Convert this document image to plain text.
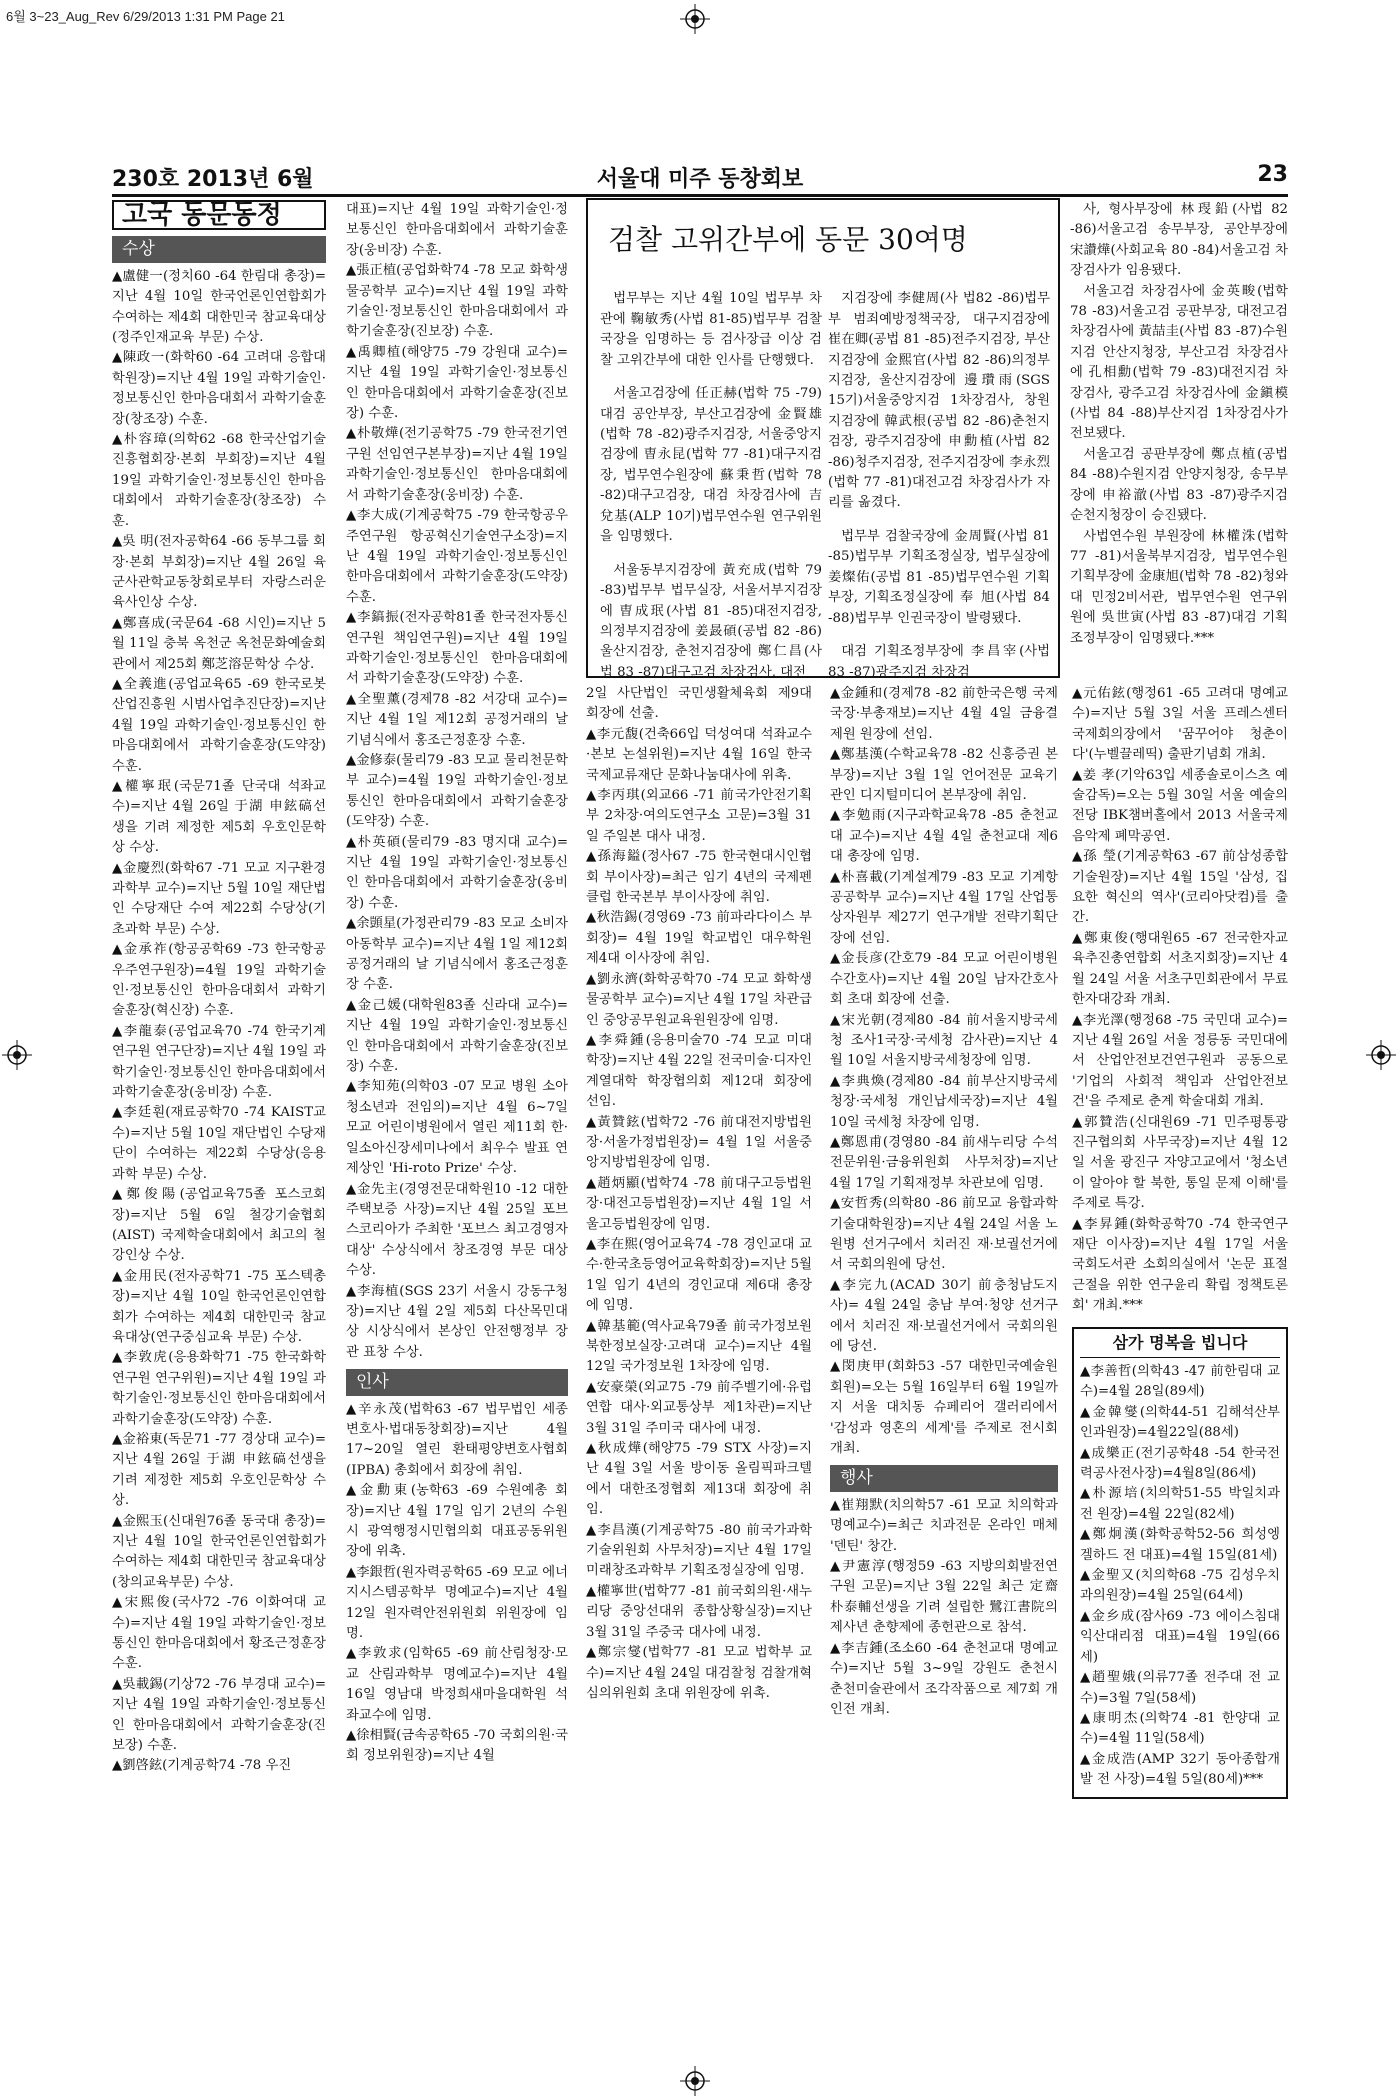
6월 3~23_Aug_Rev 6/29/2013 1:31 PM Page 21
230호 2013년 6월	서울대 미주 동창회보	23
고국 동문동정
수상

▲盧健一(정치60 -64 한림대 총장)=지난 4월 10일 한국언론인연합회가 수여하는 제4회 대한민국 참교육대상(정주인재교육 부문) 수상.

▲陳政一(화학60 -64 고려대 응합대학원장)=지난 4월 19일 과학기술인·정보통신인 한마음대회서 과학기술훈장(창조장) 수훈.

▲朴容璋(의학62 -68 한국산업기술진흥협회장·본회 부회장)=지난 4월 19일 과학기술인·정보통신인 한마음대회에서 과학기술훈장(창조장) 수훈.

▲吳 明(전자공학64 -66 동부그룹 회장·본회 부회장)=지난 4월 26일 육군사관학교동창회로부터 자랑스러운 육사인상 수상.

▲鄭喜成(국문64 -68 시인)=지난 5월 11일 충북 옥천군 옥천문화예술회관에서 제25회 鄭芝溶문학상 수상.

▲全義進(공업교육65 -69 한국로봇산업진흥원 시범사업추진단장)=지난 4월 19일 과학기술인·정보통신인 한마음대회에서 과학기술훈장(도약장) 수훈.

▲權寧珉(국문71졸 단국대 석좌교수)=지난 4월 26일 于湖 申鉉碻선생을 기려 제정한 제5회 우호인문학상 수상.

▲金慶烈(화학67 -71 모교 지구환경과학부 교수)=지난 5월 10일 재단법인 수당재단 수여 제22회 수당상(기초과학 부문) 수상.

▲金承祚(항공공학69 -73 한국항공우주연구원장)=4월 19일 과학기술인·정보통신인 한마음대회서 과학기술훈장(혁신장) 수훈.

▲李龍泰(공업교육70 -74 한국기계연구원 연구단장)=지난 4월 19일 과학기술인·정보통신인 한마음대회에서 과학기술훈장(웅비장) 수훈.

▲李廷훤(재료공학70 -74 KAIST교수)=지난 5월 10일 재단법인 수당재단이 수여하는 제22회 수당상(응용과학 부문) 수상.

▲鄭俊陽(공업교육75졸 포스코회장)=지난 5월 6일 철강기술협회(AIST) 국제학술대회에서 최고의 철강인상 수상.

▲金用民(전자공학71 -75 포스텍총장)=지난 4월 10일 한국언론인연합회가 수여하는 제4회 대한민국 참교육대상(연구중심교육 부문) 수상.

▲李敦虎(응용화학71 -75 한국화학연구원 연구위원)=지난 4월 19일 과학기술인·정보통신인 한마음대회에서 과학기술훈장(도약장) 수훈.

▲金裕東(독문71 -77 경상대 교수)=지난 4월 26일 于湖 申鉉碻선생을 기려 제정한 제5회 우호인문학상 수상.

▲金熙玉(신대원76졸 동국대 총장)=지난 4월 10일 한국언론인연합회가 수여하는 제4회 대한민국 참교육대상(창의교육부문) 수상.

▲宋熙俊(국사72 -76 이화여대 교수)=지난 4월 19일 과학기술인·정보통신인 한마음대회에서 황조근정훈장 수훈.

▲吳載錫(기상72 -76 부경대 교수)=지난 4월 19일 과학기술인·정보통신인 한마음대회에서 과학기술훈장(진보장) 수훈.

▲劉啓鉉(기계공학74 -78 우진

대표)=지난 4월 19일 과학기술인·정보통신인 한마음대회에서 과학기술훈장(웅비장) 수훈.

▲張正植(공업화학74 -78 모교 화학생물공학부 교수)=지난 4월 19일 과학기술인·정보통신인 한마음대회에서 과학기술훈장(진보장) 수훈.

▲禹卿植(해양75 -79 강원대 교수)=지난 4월 19일 과학기술인·정보통신인 한마음대회에서 과학기술훈장(진보장) 수훈.

▲朴敬燁(전기공학75 -79 한국전기연구원 선임연구본부장)=지난 4월 19일 과학기술인·정보통신인 한마음대회에서 과학기술훈장(웅비장) 수훈.

▲李大成(기계공학75 -79 한국항공우주연구원 항공혁신기술연구소장)=지난 4월 19일 과학기술인·정보통신인 한마음대회에서 과학기술훈장(도약장) 수훈.

▲李鎬振(전자공학81졸 한국전자통신연구원 책임연구원)=지난 4월 19일 과학기술인·정보통신인 한마음대회에서 과학기술훈장(도약장) 수훈.

▲全聖薰(경제78 -82 서강대 교수)=지난 4월 1일 제12회 공정거래의 날 기념식에서 홍조근정훈장 수훈.

▲金修泰(물리79 -83 모교 물리천문학부 교수)=4월 19일 과학기술인·정보통신인 한마음대회에서 과학기술훈장(도약장) 수훈.

▲朴英碩(물리79 -83 명지대 교수)=지난 4월 19일 과학기술인·정보통신인 한마음대회에서 과학기술훈장(웅비장) 수훈.

▲余顗星(가정관리79 -83 모교 소비자아동학부 교수)=지난 4월 1일 제12회 공정거래의 날 기념식에서 홍조근정훈장 수훈.

▲金己媛(대학원83졸 신라대 교수)=지난 4월 19일 과학기술인·정보통신인 한마음대회에서 과학기술훈장(진보장) 수훈.

▲李知苑(의학03 -07 모교 병원 소아청소년과 전임의)=지난 4월 6~7일 모교 어린이병원에서 열린 제11회 한·일소아신장세미나에서 최우수 발표 연제상인 'Hi-roto Prize' 수상.

▲金先主(경영전문대학원10 -12 대한주택보증 사장)=지난 4월 25일 포브스코리아가 주최한 '포브스 최고경영자 대상' 수상식에서 창조경영 부문 대상 수상.

▲李海植(SGS 23기 서울시 강동구청장)=지난 4월 2일 제5회 다산목민대상 시상식에서 본상인 안전행정부 장관 표창 수상.

인사

▲辛永茂(법학63 -67 법무법인 세종 변호사·법대동창회장)=지난 4월 17~20일 열린 환태평양변호사협회(IPBA) 총회에서 회장에 취임.

▲金勳東(농학63 -69 수원예총 회장)=지난 4월 17일 임기 2년의 수원시 광역행정시민협의회 대표공동위원장에 위촉.

▲李銀哲(원자력공학65 -69 모교 에너지시스템공학부 명예교수)=지난 4월 12일 원자력안전위원회 위원장에 임명.

▲李敦求(임학65 -69 前산림청장·모교 산림과학부 명예교수)=지난 4월 16일 영남대 박정희새마을대학원 석좌교수에 임명.

▲徐相賢(금속공학65 -70 국회의원·국회 정보위원장)=지난 4월

검찰 고위간부에 동문 30여명

법무부는 지난 4월 10일 법무부 차관에 鞠敏秀(사법 81-85)법무부 검찰국장을 임명하는 등 검사장급 이상 검찰 고위간부에 대한 인사를 단행했다.

서울고검장에 任正赫(법학 75 -79)대검 공안부장, 부산고검장에 金賢雄(법학 78 -82)광주지검장, 서울중앙지검장에 曺永昆(법학 77 -81)대구지검장, 법무연수원장에 蘇秉哲(법학 78 -82)대구고검장, 대검 차장검사에 吉兌基(ALP 10기)법무연수원 연구위원을 임명했다.

서울동부지검장에 黃充成(법학 79 -83)법무부 법무실장, 서울서부지검장에 曺成珉(사법 81 -85)대전지검장, 의정부지검장에 姜晸碩(공법 82 -86)울산지검장, 춘천지검장에 鄭仁昌(사법 83 -87)대구고검 차장검사, 대전

지검장에 李健周(사 법82 -86)법무부 범죄예방정책국장, 대구지검장에 崔在卿(공법 81 -85)전주지검장, 부산지검장에 金熙官(사법 82 -86)의정부지검장, 울산지검장에 邊瓚雨(SGS 15기)서울중앙지검 1차장검사, 창원지검장에 韓武根(공법 82 -86)춘천지검장, 광주지검장에 申勳植(사법 82 -86)청주지검장, 전주지검장에 李永烈(법학 77 -81)대전고검 차장검사가 자리를 옮겼다.

법무부 검찰국장에 金周賢(사법 81 -85)법무부 기획조정실장, 법무실장에 姜燦佑(공법 81 -85)법무연수원 기획부장, 기획조정실장에 奉 旭(사법 84 -88)법무부 인권국장이 발령됐다.

대검 기획조정부장에 李昌宰(사법 83 -87)광주지검 차장검

사, 형사부장에 林琝鉛(사법 82 -86)서울고검 송무부장, 공안부장에 宋讚燁(사회교육 80 -84)서울고검 차장검사가 임용됐다.

서울고검 차장검사에 金英畯(법학 78 -83)서울고검 공판부장, 대전고검 차장검사에 黃喆圭(사법 83 -87)수원지검 안산지청장, 부산고검 차장검사에 孔相勳(법학 79 -83)대전지검 차장검사, 광주고검 차장검사에 金鎭模(사법 84 -88)부산지검 1차장검사가 전보됐다.

서울고검 공판부장에 鄭点植(공법 84 -88)수원지검 안양지청장, 송무부장에 申裕澈(사법 83 -87)광주지검 순천지청장이 승진됐다.

사법연수원 부원장에 林權洙(법학 77 -81)서울북부지검장, 법무연수원 기획부장에 金康旭(법학 78 -82)청와대 민정2비서관, 법무연수원 연구위원에 吳世寅(사법 83 -87)대검 기획조정부장이 임명됐다.***

2일 사단법인 국민생활체육회 제9대 회장에 선출.

▲李元馥(건축66입 덕성여대 석좌교수·본보 논설위원)=지난 4월 16일 한국국제교류재단 문화나눔대사에 위촉.

▲李丙琪(외교66 -71 前국가안전기획부 2차장·여의도연구소 고문)=3월 31일 주일본 대사 내정.

▲孫海鎰(정사67 -75 한국현대시인협회 부이사장)=최근 임기 4년의 국제펜클럽 한국본부 부이사장에 취임.

▲秋浩錫(경영69 -73 前파라다이스 부회장)= 4월 19일 학교법인 대우학원 제4대 이사장에 취임.

▲劉永濟(화학공학70 -74 모교 화학생물공학부 교수)=지난 4월 17일 차관급인 중앙공무원교육원원장에 임명.

▲李舜鍾(응용미술70 -74 모교 미대 학장)=지난 4월 22일 전국미술·디자인계열대학 학장협의회 제12대 회장에 선임.

▲黃贊鉉(법학72 -76 前대전지방법원장·서울가정법원장)= 4월 1일 서울중앙지방법원장에 임명.

▲趙炳顯(법학74 -78 前대구고등법원장·대전고등법원장)=지난 4월 1일 서울고등법원장에 임명.

▲李在煕(영어교육74 -78 경인교대 교수·한국초등영어교육학회장)=지난 5월 1일 임기 4년의 경인교대 제6대 총장에 임명.

▲韓基範(역사교육79졸 前국가정보원 북한정보실장·고려대 교수)=지난 4월 12일 국가정보원 1차장에 임명.

▲安豪榮(외교75 -79 前주벨기에·유럽연합 대사·외교통상부 제1차관)=지난 3월 31일 주미국 대사에 내정.

▲秋成燁(해양75 -79 STX 사장)=지난 4월 3일 서울 방이동 올림픽파크텔에서 대한조정협회 제13대 회장에 취임.

▲李昌漢(기계공학75 -80 前국가과학기술위원회 사무처장)=지난 4월 17일 미래창조과학부 기획조정실장에 임명.

▲權寧世(법학77 -81 前국회의원·새누리당 중앙선대위 종합상황실장)=지난 3월 31일 주중국 대사에 내정.

▲鄭宗燮(법학77 -81 모교 법학부 교수)=지난 4월 24일 대검찰청 검찰개혁심의위원회 초대 위원장에 위촉.

▲金鍾和(경제78 -82 前한국은행 국제국장·부총재보)=지난 4월 4일 금융결제원 원장에 선임.

▲鄭基漢(수학교육78 -82 신흥증권 본부장)=지난 3월 1일 언어전문 교육기관인 디지털미디어 본부장에 취임.

▲李勉雨(지구과학교육78 -85 춘천교대 교수)=지난 4월 4일 춘천교대 제6대 총장에 임명.

▲朴喜載(기계설계79 -83 모교 기계항공공학부 교수)=지난 4월 17일 산업통상자원부 제27기 연구개발 전략기획단장에 선임.

▲金長彦(간호79 -84 모교 어린이병원 수간호사)=지난 4월 20일 남자간호사회 초대 회장에 선출.

▲宋光朝(경제80 -84 前서울지방국세청 조사1국장·국세청 감사관)=지난 4월 10일 서울지방국세청장에 임명.

▲李典煥(경제80 -84 前부산지방국세청장·국세청 개인납세국장)=지난 4월 10일 국세청 차장에 임명.

▲鄭恩甫(경영80 -84 前새누리당 수석전문위원·금융위원회 사무처장)=지난 4월 17일 기획재정부 차관보에 임명.

▲安哲秀(의학80 -86 前모교 융합과학기술대학원장)=지난 4월 24일 서울 노원병 선거구에서 치러진 재·보궐선거에서 국회의원에 당선.

▲李完九(ACAD 30기 前충청남도지사)= 4월 24일 충남 부여·청양 선거구에서 치러진 재·보궐선거에서 국회의원에 당선.

▲閔庚甲(회화53 -57 대한민국예술원 회원)=오는 5월 16일부터 6월 19일까지 서울 대치동 슈페리어 갤러리에서 '감성과 영혼의 세계'를 주제로 전시회 개최.

행사

▲崔翔默(치의학57 -61 모교 치의학과 명예교수)=최근 치과전문 온라인 매체 '덴틴' 창간.

▲尹憲淳(행정59 -63 지방의회발전연구원 고문)=지난 3월 22일 최근 定齋 朴泰輔선생을 기려 설립한 鷺江書院의 제사년 춘향제에 종헌관으로 참석.

▲李吉鍾(조소60 -64 춘천교대 명예교수)=지난 5월 3~9일 강원도 춘천시 춘천미술관에서 조각작품으로 제7회 개인전 개최.

▲元佑鉉(행정61 -65 고려대 명예교수)=지난 5월 3일 서울 프레스센터 국제회의장에서 '꿈꾸어야 청춘이다'(누벨끌레띡) 출판기념회 개최.

▲姜 孝(기악63입 세종솔로이스츠 예술감독)=오는 5월 30일 서울 예술의 전당 IBK챔버홀에서 2013 서울국제음악제 폐막공연.

▲孫 瑩(기계공학63 -67 前삼성종합기술원장)=지난 4월 15일 '삼성, 집요한 혁신의 역사'(코리아닷컴)를 출간.

▲鄭東俊(행대원65 -67 전국한자교육추진총연합회 서초지회장)=지난 4월 24일 서울 서초구민회관에서 무료 한자대강좌 개최.

▲李光澤(행정68 -75 국민대 교수)=지난 4월 26일 서울 정릉동 국민대에서 산업안전보건연구원과 공동으로 '기업의 사회적 책임과 산업안전보건'을 주제로 춘계 학술대회 개최.

▲郭贊浩(신대원69 -71 민주평통광진구협의회 사무국장)=지난 4월 12일 서울 광진구 자양고교에서 '청소년이 알아야 할 북한, 통일 문제 이해'를 주제로 특강.

▲李昇鍾(화학공학70 -74 한국연구재단 이사장)=지난 4월 17일 서울 국회도서관 소회의실에서 '논문 표절 근절을 위한 연구윤리 확립 정책토론회' 개최.***

삼가 명복을 빕니다

▲李善哲(의학43 -47 前한림대 교수)=4월 28일(89세)

▲金韓燮(의학44-51 김해석산부인과원장)=4월22일(88세)

▲成樂正(전기공학48 -54 한국전력공사전사장)=4월8일(86세)

▲朴源培(치의학51-55 박일치과 전 원장)=4월 22일(82세)

▲鄭炯漢(화학공학52-56 희성엥겔하드 전 대표)=4월 15일(81세)

▲金聖又(치의학68 -75 김성우치과의원장)=4월 25일(64세)

▲金乡成(잠사69 -73 에이스침대 익산대리점 대표)=4월 19일(66세)

▲趙聖娥(의류77졸 전주대 전 교수)=3월 7일(58세)

▲康明杰(의학74 -81 한양대 교수)=4월 11일(58세)

▲金成浩(AMP 32기 동아종합개발 전 사장)=4월 5일(80세)***
